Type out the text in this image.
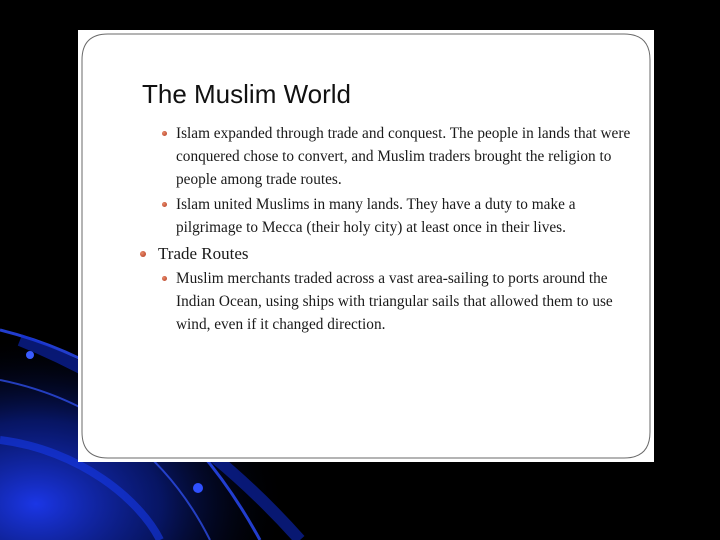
The Muslim World
Islam expanded through trade and conquest. The people in lands that were conquered chose to convert, and Muslim traders brought the religion to people among trade routes.
Islam united Muslims in many lands. They have a duty to make a pilgrimage to Mecca (their holy city) at least once in their lives.
Trade Routes
Muslim merchants traded across a vast area-sailing to ports around the Indian Ocean, using ships with triangular sails that allowed them to use wind, even if it changed direction.
